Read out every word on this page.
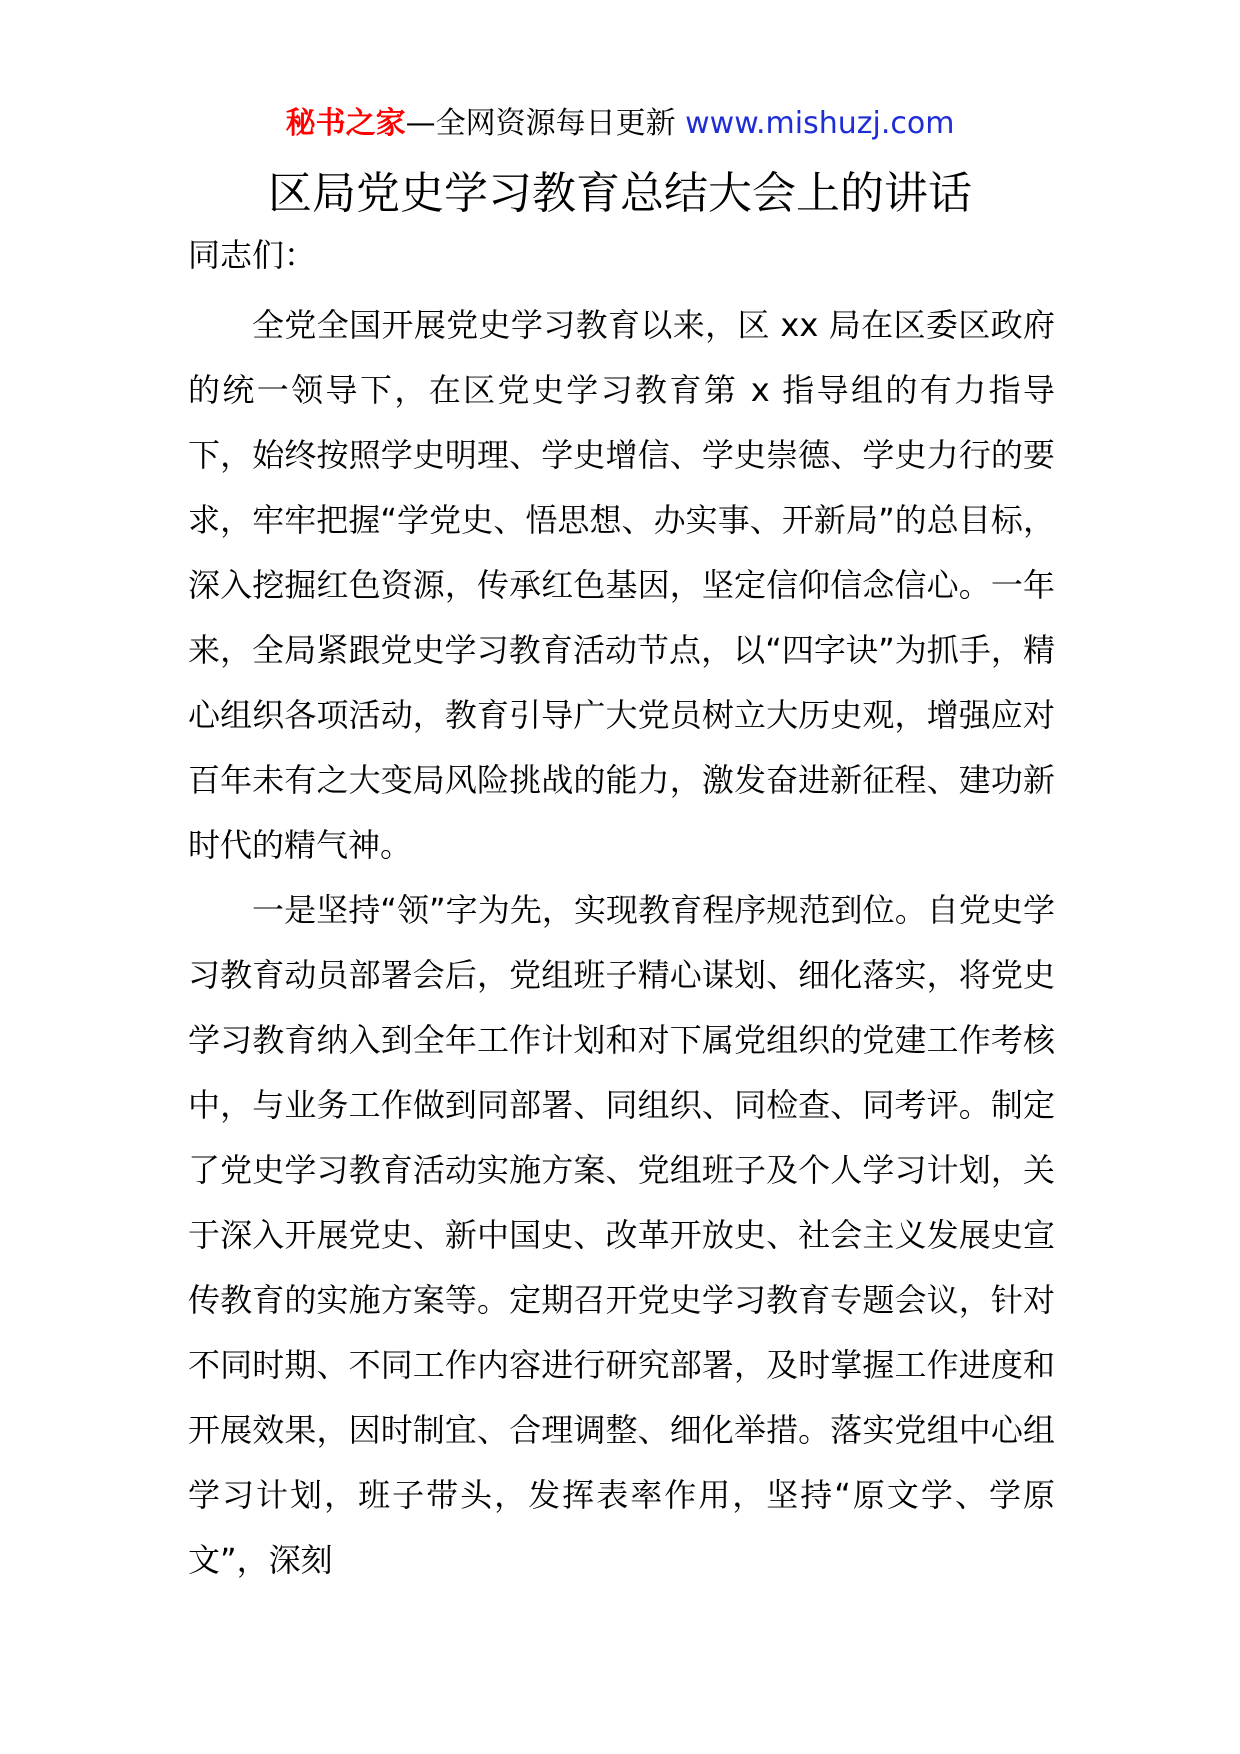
秘书之家—全网资源每日更新 www.mishuzj.com
区局党史学习教育总结大会上的讲话

同志们：

全党全国开展党史学习教育以来，区 xx 局在区委区政府的统一领导下，在区党史学习教育第 x 指导组的有力指导下，始终按照学史明理、学史增信、学史崇德、学史力行的要求，牢牢把握“学党史、悟思想、办实事、开新局”的总目标，深入挖掘红色资源，传承红色基因，坚定信仰信念信心。一年来，全局紧跟党史学习教育活动节点，以“四字诀”为抓手，精心组织各项活动，教育引导广大党员树立大历史观，增强应对百年未有之大变局风险挑战的能力，激发奋进新征程、建功新时代的精气神。

一是坚持“领”字为先，实现教育程序规范到位。自党史学习教育动员部署会后，党组班子精心谋划、细化落实，将党史学习教育纳入到全年工作计划和对下属党组织的党建工作考核中，与业务工作做到同部署、同组织、同检查、同考评。制定了党史学习教育活动实施方案、党组班子及个人学习计划，关于深入开展党史、新中国史、改革开放史、社会主义发展史宣传教育的实施方案等。定期召开党史学习教育专题会议，针对不同时期、不同工作内容进行研究部署，及时掌握工作进度和开展效果，因时制宜、合理调整、细化举措。落实党组中心组学习计划，班子带头，发挥表率作用，坚持“原文学、学原文”，深刻
